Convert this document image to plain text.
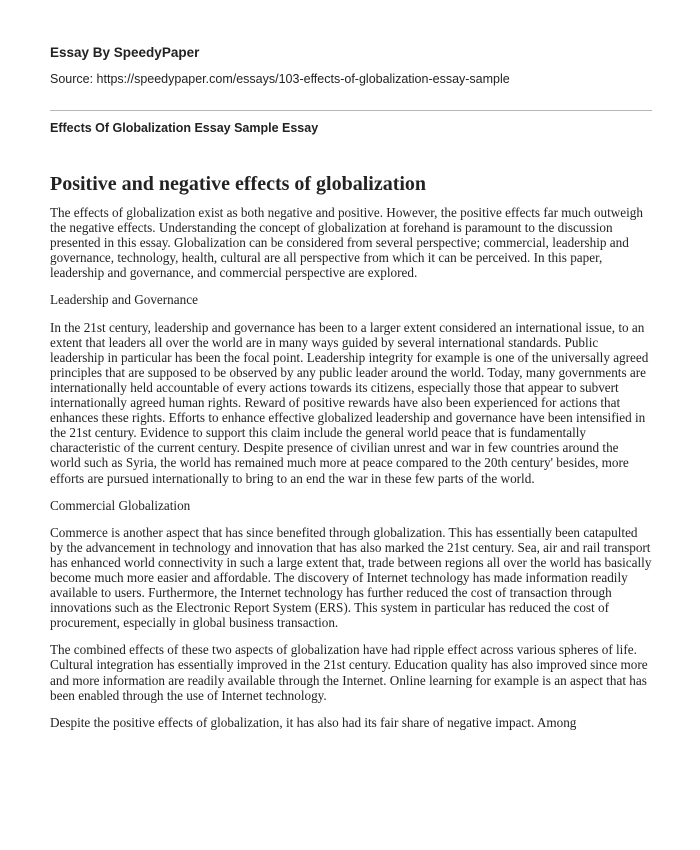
Essay By SpeedyPaper
Source: https://speedypaper.com/essays/103-effects-of-globalization-essay-sample
Effects Of Globalization Essay Sample Essay
Positive and negative effects of globalization

The effects of globalization exist as both negative and positive. However, the positive effects far much outweigh the negative effects. Understanding the concept of globalization at forehand is paramount to the discussion presented in this essay. Globalization can be considered from several perspective; commercial, leadership and governance, technology, health, cultural are all perspective from which it can be perceived. In this paper, leadership and governance, and commercial perspective are explored.

Leadership and Governance

In the 21st century, leadership and governance has been to a larger extent considered an international issue, to an extent that leaders all over the world are in many ways guided by several international standards. Public leadership in particular has been the focal point. Leadership integrity for example is one of the universally agreed principles that are supposed to be observed by any public leader around the world. Today, many governments are internationally held accountable of every actions towards its citizens, especially those that appear to subvert internationally agreed human rights. Reward of positive rewards have also been experienced for actions that enhances these rights. Efforts to enhance effective globalized leadership and governance have been intensified in the 21st century. Evidence to support this claim include the general world peace that is fundamentally characteristic of the current century. Despite presence of civilian unrest and war in few countries around the world such as Syria, the world has remained much more at peace compared to the 20th century' besides, more efforts are pursued internationally to bring to an end the war in these few parts of the world.

Commercial Globalization

Commerce is another aspect that has since benefited through globalization. This has essentially been catapulted by the advancement in technology and innovation that has also marked the 21st century. Sea, air and rail transport has enhanced world connectivity in such a large extent that, trade between regions all over the world has basically become much more easier and affordable. The discovery of Internet technology has made information readily available to users. Furthermore, the Internet technology has further reduced the cost of transaction through innovations such as the Electronic Report System (ERS). This system in particular has reduced the cost of procurement, especially in global business transaction.

The combined effects of these two aspects of globalization have had ripple effect across various spheres of life. Cultural integration has essentially improved in the 21st century. Education quality has also improved since more and more information are readily available through the Internet. Online learning for example is an aspect that has been enabled through the use of Internet technology.

Despite the positive effects of globalization, it has also had its fair share of negative impact. Among
